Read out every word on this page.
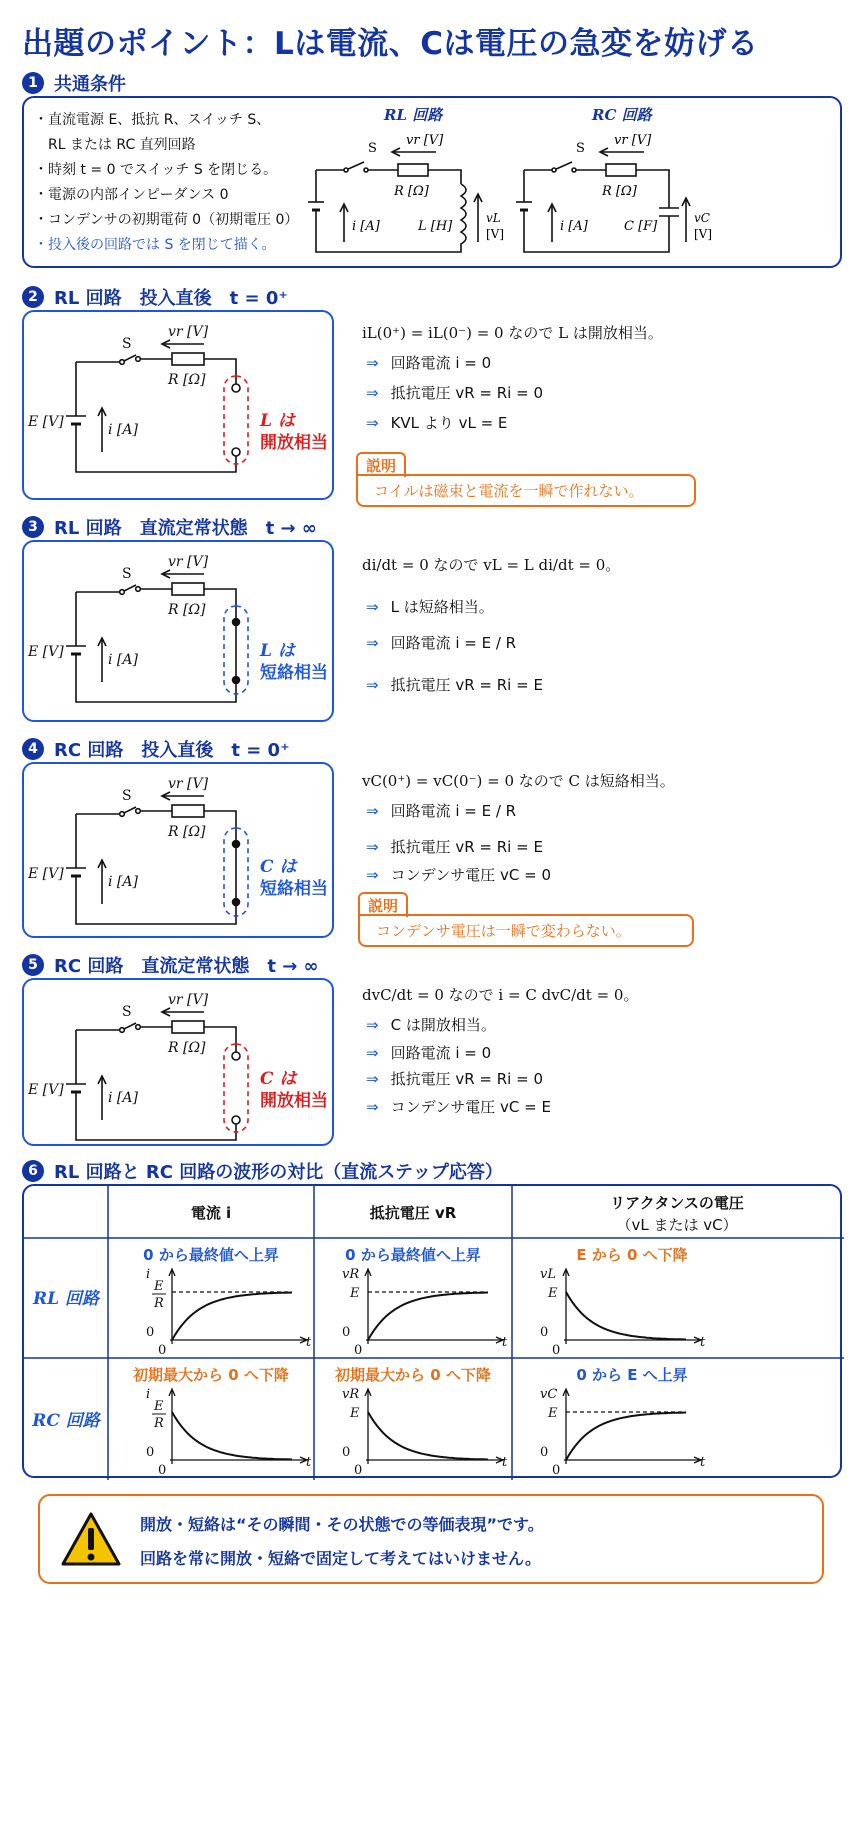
出題のポイント：Lは電流、Cは電圧の急変を妨げる
1 共通条件
・直流電源 E、抵抗 R、スイッチ S、
　RL または RC 直列回路
・時刻 t = 0 でスイッチ S を閉じる。
・電源の内部インピーダンス 0
・コンデンサの初期電荷 0（初期電圧 0）
・投入後の回路では S を閉じて描く。
RL 回路	RC 回路
S
vr [V]
R [Ω]
i [A]	L [H]
vL
[V]
S
vr [V]
R [Ω]
i [A]	C [F]
vC
[V]
2 RL 回路　投入直後　t = 0⁺
S
vr [V]
R [Ω]
E [V]	i [A]	L は
開放相当
iL(0⁺) = iL(0⁻) = 0 なので L は開放相当。
⇒ 回路電流 i = 0
⇒ 抵抗電圧 vR = Ri = 0
⇒ KVL より vL = E
説明
コイルは磁束と電流を一瞬で作れない。
3 RL 回路　直流定常状態　t → ∞
S
vr [V]
R [Ω]
E [V]	i [A]	L は
短絡相当
di/dt = 0 なので vL = L di/dt = 0。
⇒ L は短絡相当。
⇒ 回路電流 i = E / R
⇒ 抵抗電圧 vR = Ri = E
4 RC 回路　投入直後　t = 0⁺
S
vr [V]
R [Ω]
E [V]	i [A]
C は
短絡相当
vC(0⁺) = vC(0⁻) = 0 なので C は短絡相当。
⇒ 回路電流 i = E / R
⇒ 抵抗電圧 vR = Ri = E
⇒ コンデンサ電圧 vC = 0
説明
コンデンサ電圧は一瞬で変わらない。
5 RC 回路　直流定常状態　t → ∞
S
vr [V]
R [Ω]
E [V]	i [A]
C は
開放相当
dvC/dt = 0 なので i = C dvC/dt = 0。
⇒ C は開放相当。
⇒ 回路電流 i = 0
⇒ 抵抗電圧 vR = Ri = 0
⇒ コンデンサ電圧 vC = E
6 RL 回路と RC 回路の波形の対比（直流ステップ応答）
電流 i	抵抗電圧 vR
リアクタンスの電圧
（vL または vC）
RL 回路
RC 回路
0 から最終値へ上昇	0 から最終値へ上昇	E から 0 へ下降
初期最大から 0 へ下降	初期最大から 0 へ下降	0 から E へ上昇
t
0
0
i
E
R
t
0
0
vR
E
t
0
0
vL
E
t
0
0
i
E
R
t
0
0
vR
E
t
0
0
vC
E
開放・短絡は“その瞬間・その状態での等価表現”です。
回路を常に開放・短絡で固定して考えてはいけません。
